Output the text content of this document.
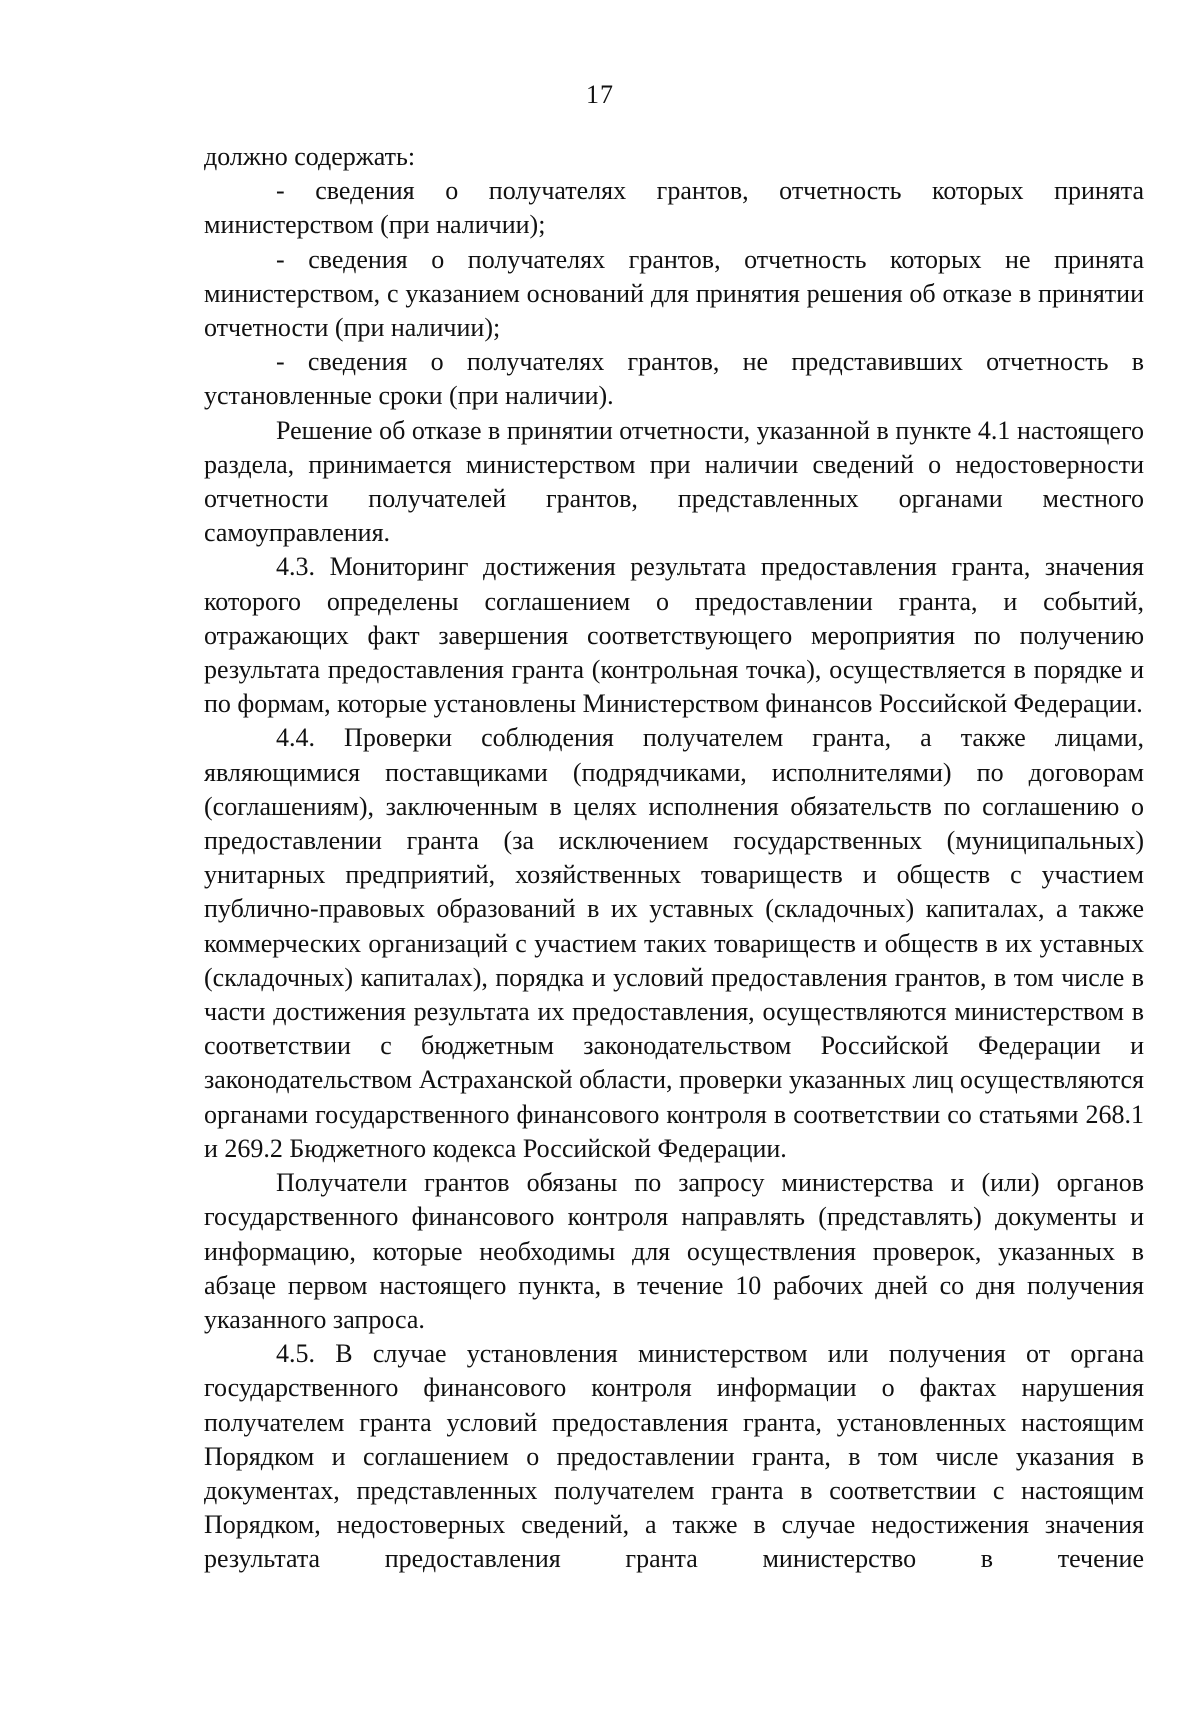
17

должно содержать:

- сведения о получателях грантов, отчетность которых принята министерством (при наличии);

- сведения о получателях грантов, отчетность которых не принята министерством, с указанием оснований для принятия решения об отказе в принятии отчетности (при наличии);

- сведения о получателях грантов, не представивших отчетность в установленные сроки (при наличии).

Решение об отказе в принятии отчетности, указанной в пункте 4.1 настоящего раздела, принимается министерством при наличии сведений о недостоверности отчетности получателей грантов, представленных органами местного самоуправления.

4.3. Мониторинг достижения результата предоставления гранта, значения которого определены соглашением о предоставлении гранта, и событий, отражающих факт завершения соответствующего мероприятия по получению результата предоставления гранта (контрольная точка), осуществляется в порядке и по формам, которые установлены Министерством финансов Российской Федерации.

4.4. Проверки соблюдения получателем гранта, а также лицами, являющимися поставщиками (подрядчиками, исполнителями) по договорам (соглашениям), заключенным в целях исполнения обязательств по соглашению о предоставлении гранта (за исключением государственных (муниципальных) унитарных предприятий, хозяйственных товариществ и обществ с участием публично-правовых образований в их уставных (складочных) капиталах, а также коммерческих организаций с участием таких товариществ и обществ в их уставных (складочных) капиталах), порядка и условий предоставления грантов, в том числе в части достижения результата их предоставления, осуществляются министерством в соответствии с бюджетным законодательством Российской Федерации и законодательством Астраханской области, проверки указанных лиц осуществляются органами государственного финансового контроля в соответствии со статьями 268.1 и 269.2 Бюджетного кодекса Российской Федерации.

Получатели грантов обязаны по запросу министерства и (или) органов государственного финансового контроля направлять (представлять) документы и информацию, которые необходимы для осуществления проверок, указанных в абзаце первом настоящего пункта, в течение 10 рабочих дней со дня получения указанного запроса.

4.5. В случае установления министерством или получения от органа государственного финансового контроля информации о фактах нарушения получателем гранта условий предоставления гранта, установленных настоящим Порядком и соглашением о предоставлении гранта, в том числе указания в документах, представленных получателем гранта в соответствии с настоящим Порядком, недостоверных сведений, а также в случае недостижения значения результата предоставления гранта министерство в течение
